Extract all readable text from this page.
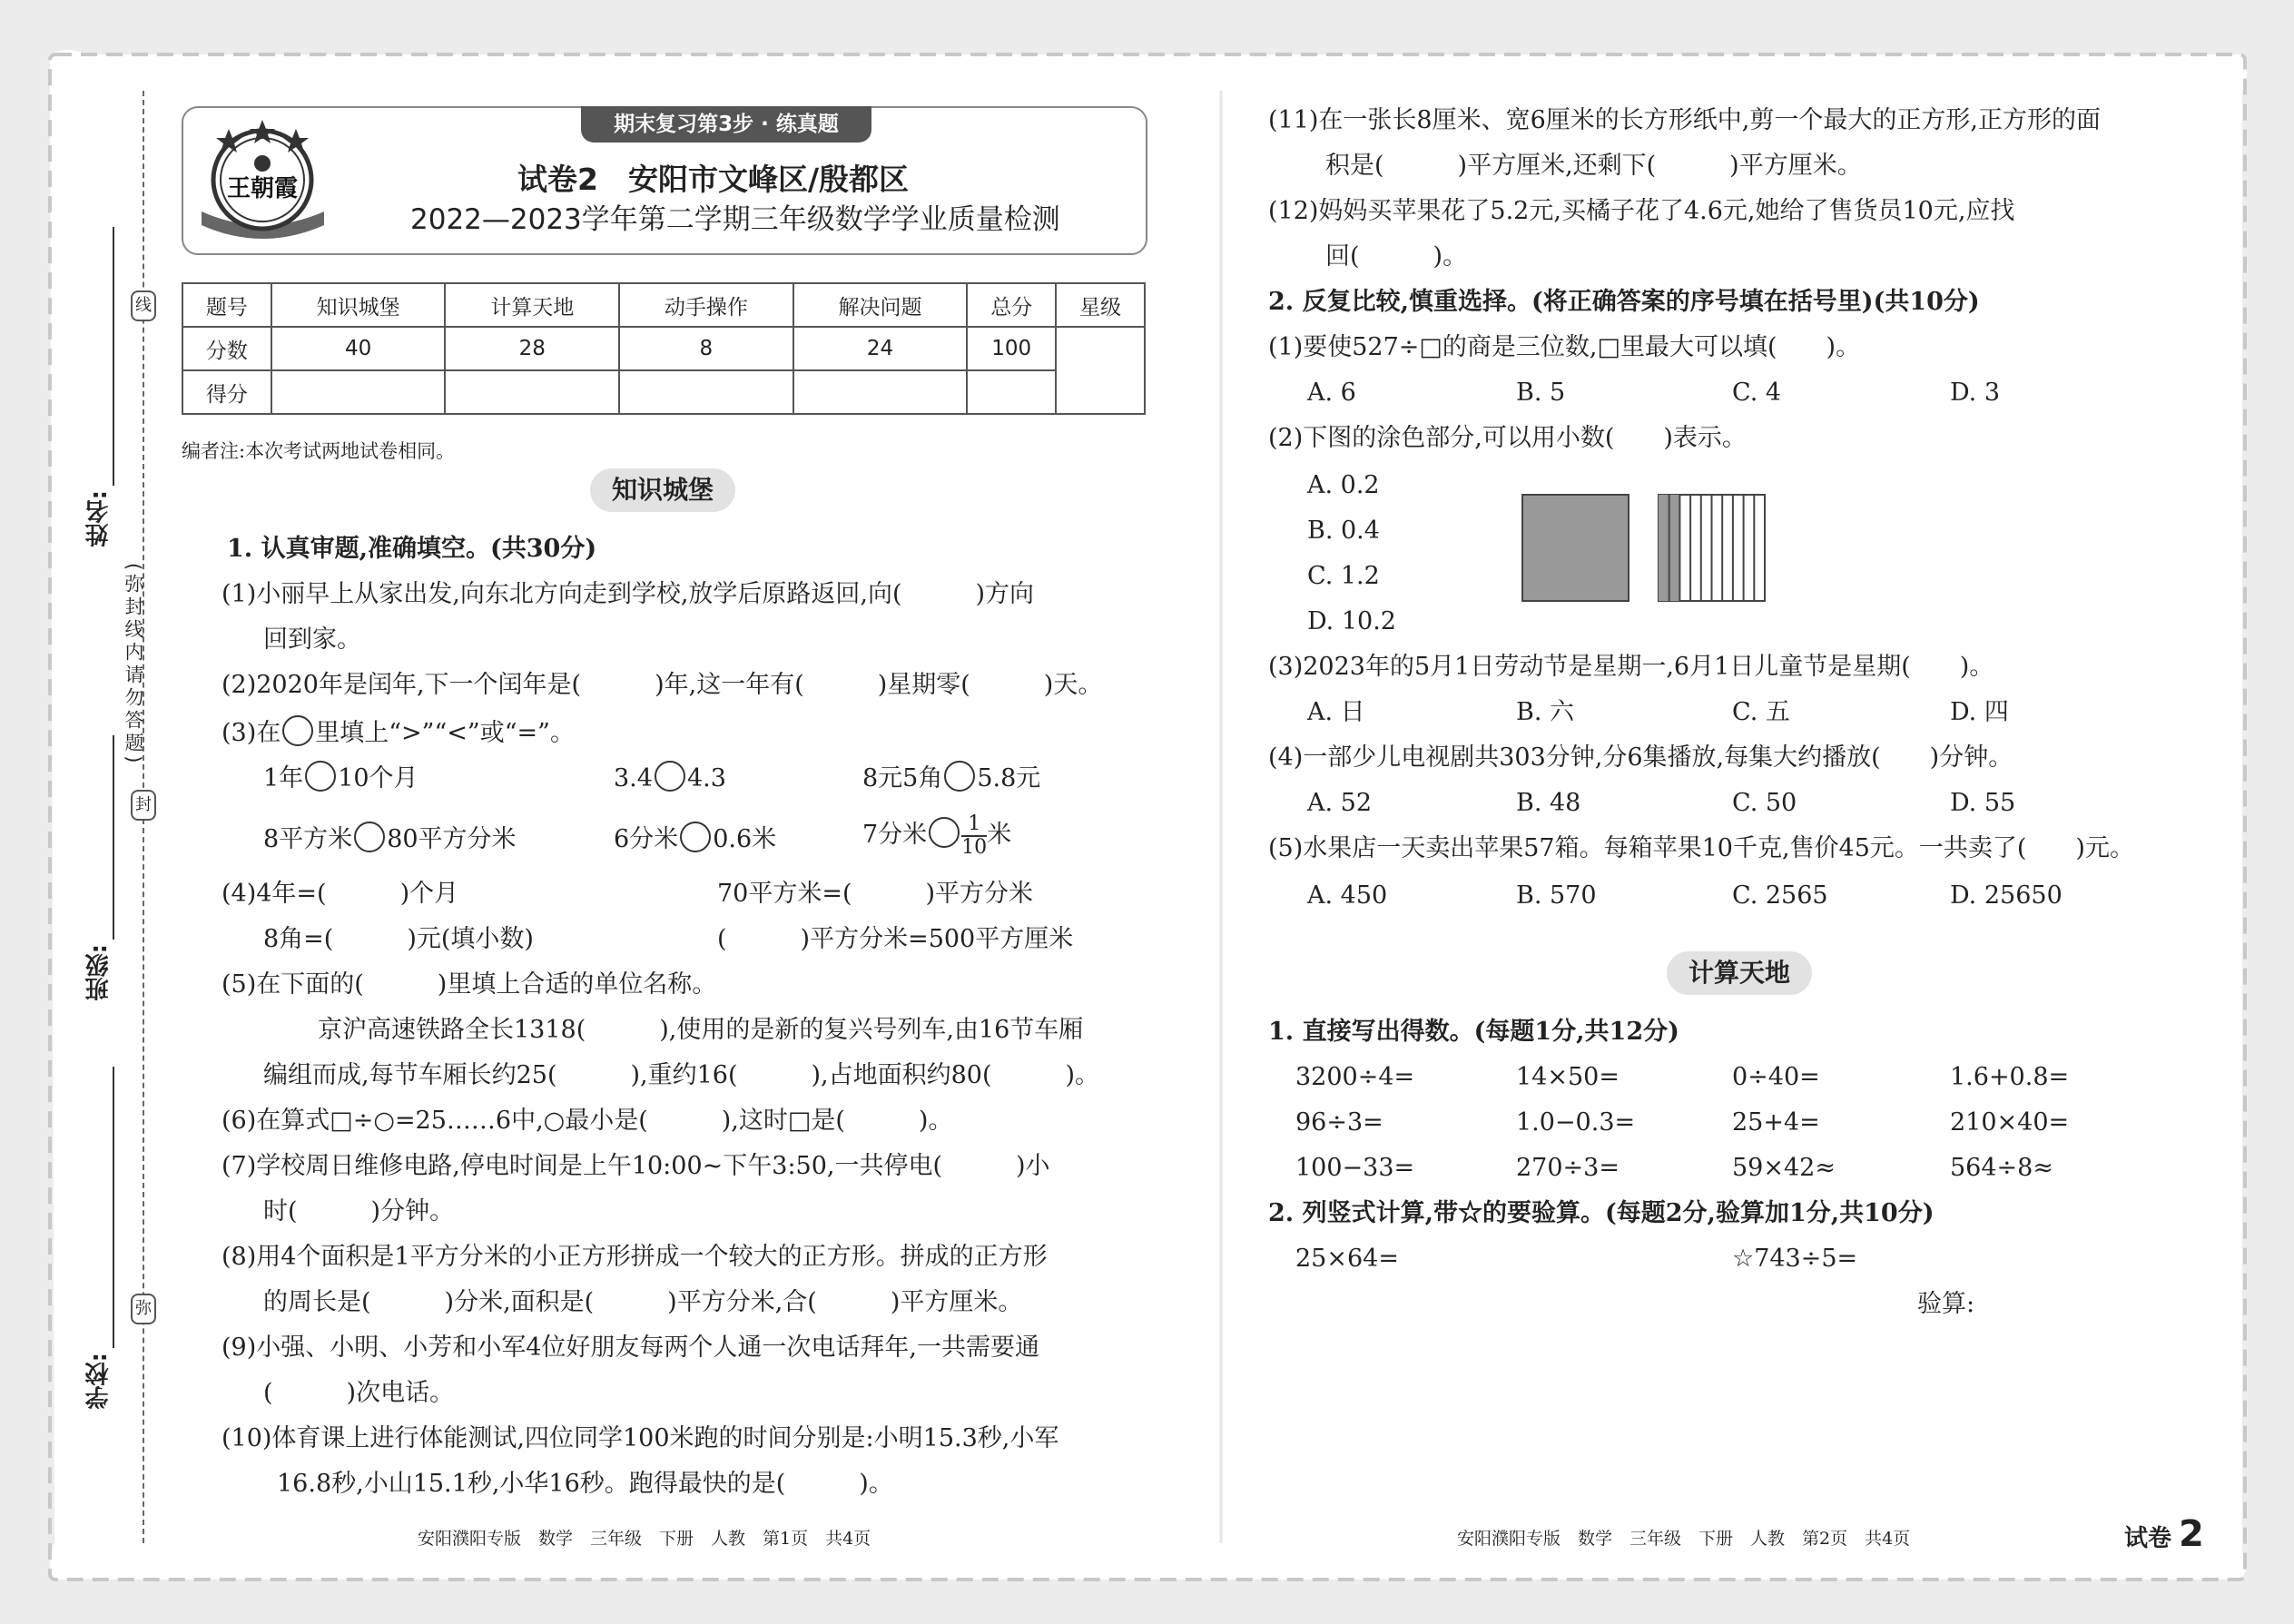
线
封
弥
(弥封线内请勿答题)
姓名:
班级:
学校:
期末复习第3步 · 练真题
王朝霞	试卷2　安阳市文峰区/殷都区
2022—2023学年第二学期三年级数学学业质量检测
题号	知识城堡	计算天地	动手操作	解决问题	总分	星级
分数	40	28	8	24	100	
得分						
编者注:本次考试两地试卷相同。
知识城堡
1. 认真审题,准确填空。(共30分)
(1)小丽早上从家出发,向东北方向走到学校,放学后原路返回,向(　　　)方向
回到家。
(2)2020年是闰年,下一个闰年是(　　　)年,这一年有(　　　)星期零(　　　)天。
(3)在 里填上“>”“<”或“=”。
1年 10个月	3.4 4.3	8元5角 5.8元
8平方米 80平方分米	6分米 0.6米	7分米 $\frac{1}{10}$ 米
(4)4年=(　　　)个月	70平方米=(　　　)平方分米
8角=(　　　)元(填小数)	(　　　)平方分米=500平方厘米
(5)在下面的(　　　)里填上合适的单位名称。
京沪高速铁路全长1318(　　　),使用的是新的复兴号列车,由16节车厢
编组而成,每节车厢长约25(　　　),重约16(　　　),占地面积约80(　　　)。
(6)在算式□÷○=25……6中,○最小是(　　　),这时□是(　　　)。
(7)学校周日维修电路,停电时间是上午10:00~下午3:50,一共停电(　　　)小
时(　　　)分钟。
(8)用4个面积是1平方分米的小正方形拼成一个较大的正方形。拼成的正方形
的周长是(　　　)分米,面积是(　　　)平方分米,合(　　　)平方厘米。
(9)小强、小明、小芳和小军4位好朋友每两个人通一次电话拜年,一共需要通
(　　　)次电话。
(10)体育课上进行体能测试,四位同学100米跑的时间分别是:小明15.3秒,小军
16.8秒,小山15.1秒,小华16秒。跑得最快的是(　　　)。
安阳濮阳专版　数学　三年级　下册　人教　第1页　共4页
(11)在一张长8厘米、宽6厘米的长方形纸中,剪一个最大的正方形,正方形的面
积是(　　　)平方厘米,还剩下(　　　)平方厘米。
(12)妈妈买苹果花了5.2元,买橘子花了4.6元,她给了售货员10元,应找
回(　　　)。
2. 反复比较,慎重选择。(将正确答案的序号填在括号里)(共10分)
(1)要使527÷□的商是三位数,□里最大可以填(　　)。
A. 6	B. 5	C. 4	D. 3
(2)下图的涂色部分,可以用小数(　　)表示。
A. 0.2
B. 0.4
C. 1.2
D. 10.2
(3)2023年的5月1日劳动节是星期一,6月1日儿童节是星期(　　)。
A. 日	B. 六	C. 五	D. 四
(4)一部少儿电视剧共303分钟,分6集播放,每集大约播放(　　)分钟。
A. 52	B. 48	C. 50	D. 55
(5)水果店一天卖出苹果57箱。每箱苹果10千克,售价45元。一共卖了(　　)元。
A. 450	B. 570	C. 2565	D. 25650
计算天地
1. 直接写出得数。(每题1分,共12分)
3200÷4=	14×50=	0÷40=	1.6+0.8=
96÷3=	1.0−0.3=	25+4=	210×40=
100−33=	270÷3=	59×42≈	564÷8≈
2. 列竖式计算,带☆的要验算。(每题2分,验算加1分,共10分)
25×64=	☆743÷5=
验算:
安阳濮阳专版　数学　三年级　下册　人教　第2页　共4页	试卷 2
